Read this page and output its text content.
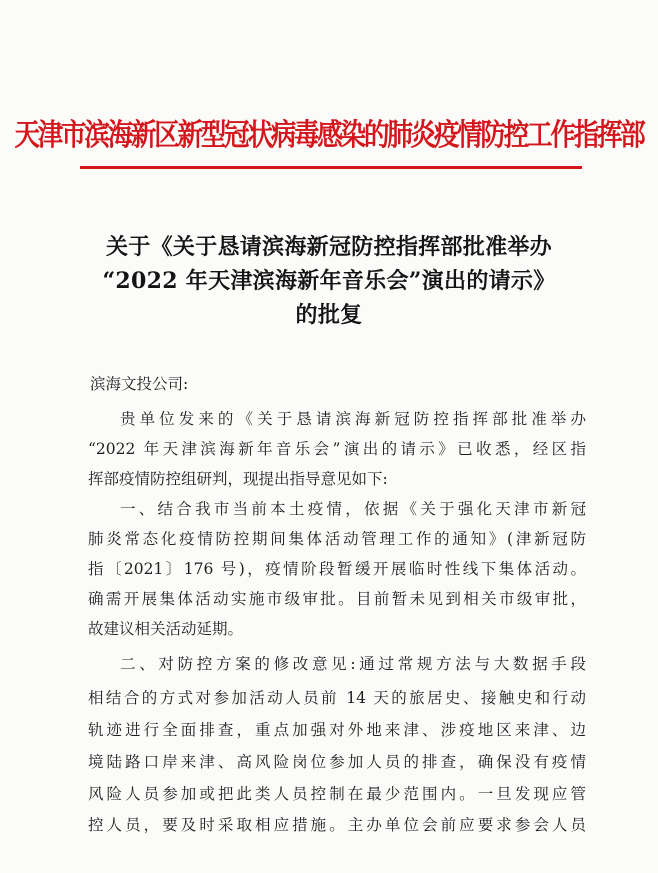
天津市滨海新区新型冠状病毒感染的肺炎疫情防控工作指挥部
关于《关于恳请滨海新冠防控指挥部批准举办
“2022 年天津滨海新年音乐会”演出的请示》
的批复
滨海文投公司:
贵单位发来的《关于恳请滨海新冠防控指挥部批准举办
“2022 年天津滨海新年音乐会”演出的请示》已收悉，经区指
挥部疫情防控组研判，现提出指导意见如下:
一、结合我市当前本土疫情，依据《关于强化天津市新冠
肺炎常态化疫情防控期间集体活动管理工作的通知》(津新冠防
指〔2021〕176 号)，疫情阶段暂缓开展临时性线下集体活动。
确需开展集体活动实施市级审批。目前暂未见到相关市级审批，
故建议相关活动延期。
二、对防控方案的修改意见:通过常规方法与大数据手段
相结合的方式对参加活动人员前 14 天的旅居史、接触史和行动
轨迹进行全面排查，重点加强对外地来津、涉疫地区来津、边
境陆路口岸来津、高风险岗位参加人员的排查，确保没有疫情
风险人员参加或把此类人员控制在最少范围内。一旦发现应管
控人员，要及时采取相应措施。主办单位会前应要求参会人员
